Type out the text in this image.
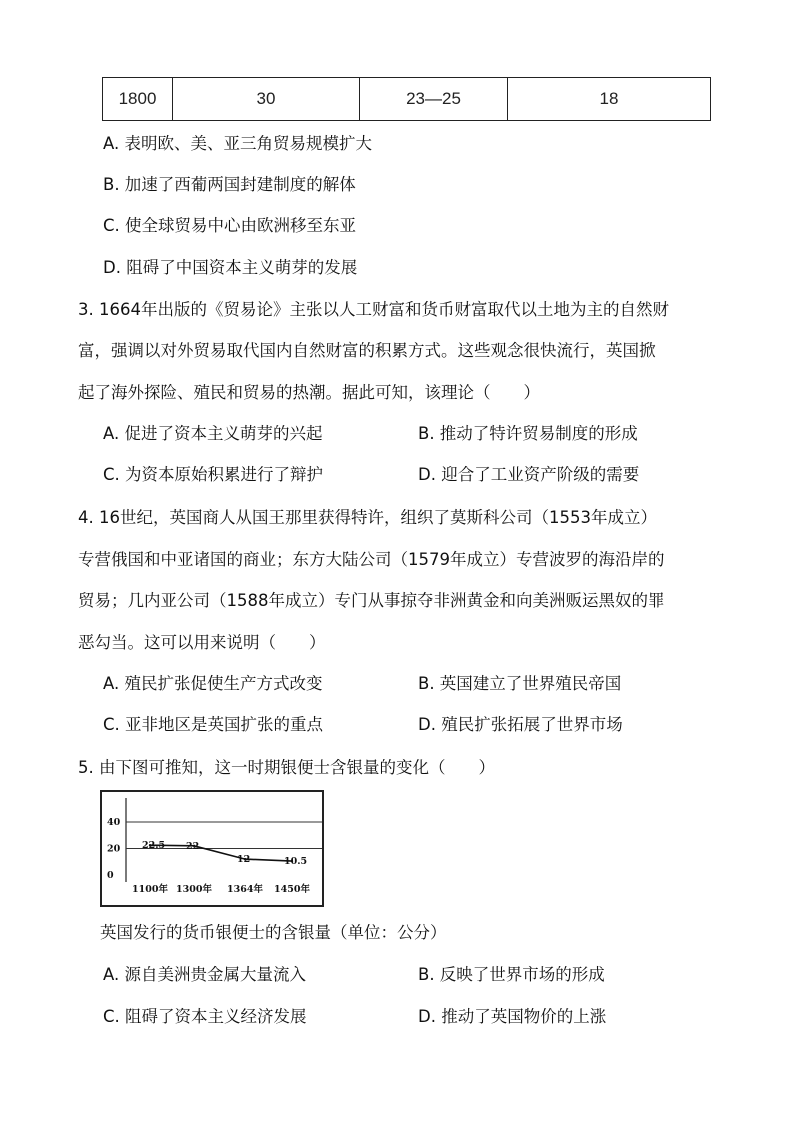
1800	30	23—25	18
A. 表明欧、美、亚三角贸易规模扩大
B. 加速了西葡两国封建制度的解体
C. 使全球贸易中心由欧洲移至东亚
D. 阻碍了中国资本主义萌芽的发展
3. 1664年出版的《贸易论》主张以人工财富和货币财富取代以土地为主的自然财
富，强调以对外贸易取代国内自然财富的积累方式。这些观念很快流行，英国掀
起了海外探险、殖民和贸易的热潮。据此可知，该理论（　　）
A. 促进了资本主义萌芽的兴起	B. 推动了特许贸易制度的形成
C. 为资本原始积累进行了辩护	D. 迎合了工业资产阶级的需要
4. 16世纪，英国商人从国王那里获得特许，组织了莫斯科公司（1553年成立）
专营俄国和中亚诸国的商业；东方大陆公司（1579年成立）专营波罗的海沿岸的
贸易；几内亚公司（1588年成立）专门从事掠夺非洲黄金和向美洲贩运黑奴的罪
恶勾当。这可以用来说明（　　）
A. 殖民扩张促使生产方式改变	B. 英国建立了世界殖民帝国
C. 亚非地区是英国扩张的重点	D. 殖民扩张拓展了世界市场
5. 由下图可推知，这一时期银便士含银量的变化（　　）
0
20
40
22.5 22
12	10.5
1100年 1300年 1364年 1450年
英国发行的货币银便士的含银量（单位：公分）
A. 源自美洲贵金属大量流入	B. 反映了世界市场的形成
C. 阻碍了资本主义经济发展	D. 推动了英国物价的上涨
